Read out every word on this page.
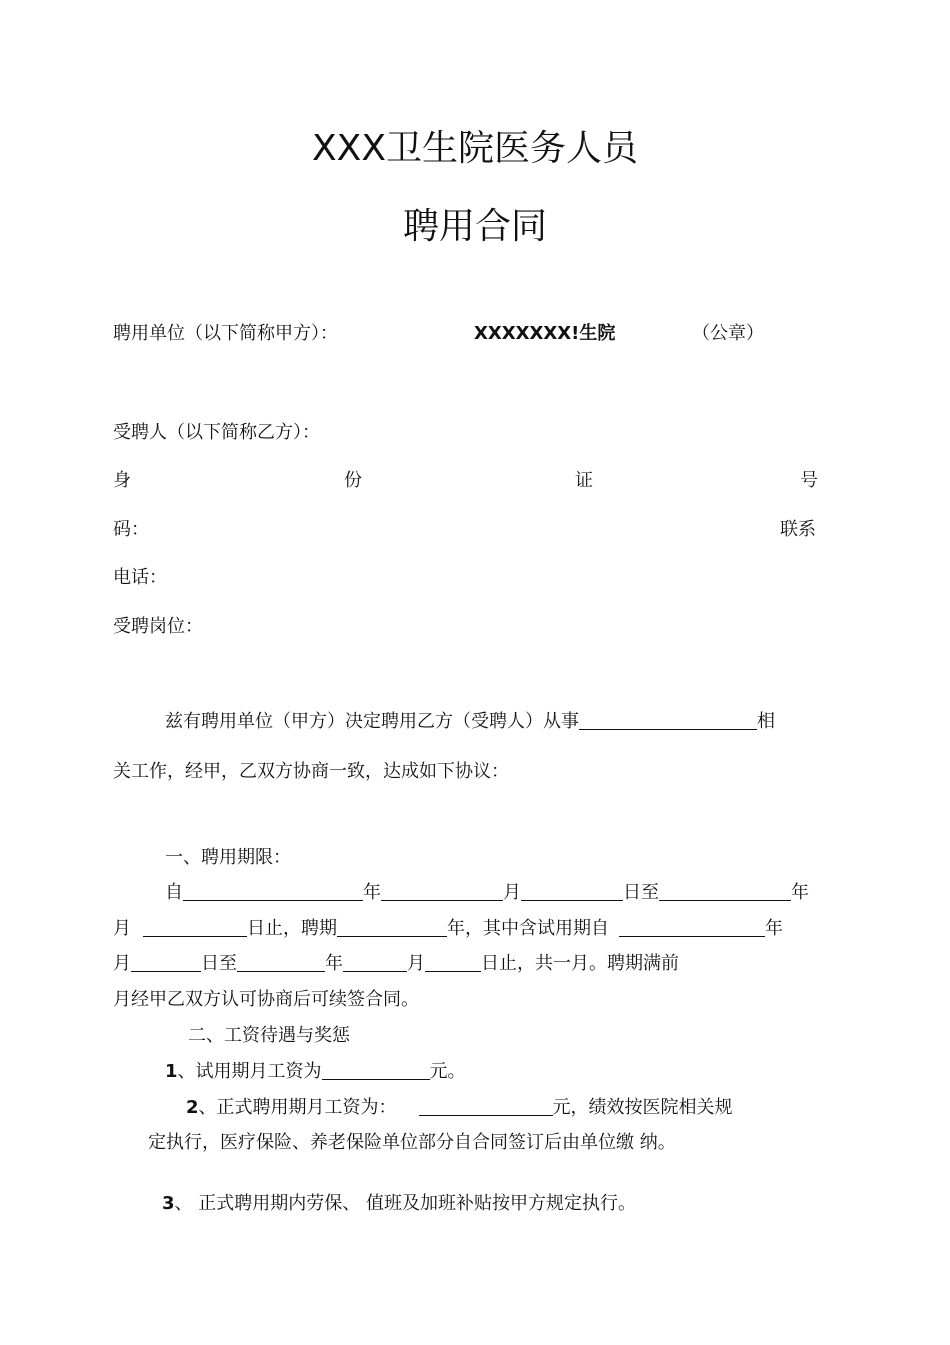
XXX卫生院医务人员
聘用合同
聘用单位（以下简称甲方）：	XXXXXXX!生院	（公章）
受聘人（以下简称乙方）：
身	份	证	号
码：	联系
电话：
受聘岗位：
兹有聘用单位（甲方）决定聘用乙方（受聘人）从事	相
关工作，经甲，乙双方协商一致，达成如下协议：
一、聘用期限：
自	年	月	日至	年
月	日止，聘期	年，其中含试用期自	年
月	日至	年	月	日止，共一月。聘期满前
月经甲乙双方认可协商后可续签合同。
二、工资待遇与奖惩
1、试用期月工资为	元。
2、正式聘用期月工资为：	元，绩效按医院相关规
定执行，医疗保险、养老保险单位部分自合同签订后由单位缴 纳。
3、 正式聘用期内劳保、 值班及加班补贴按甲方规定执行。
